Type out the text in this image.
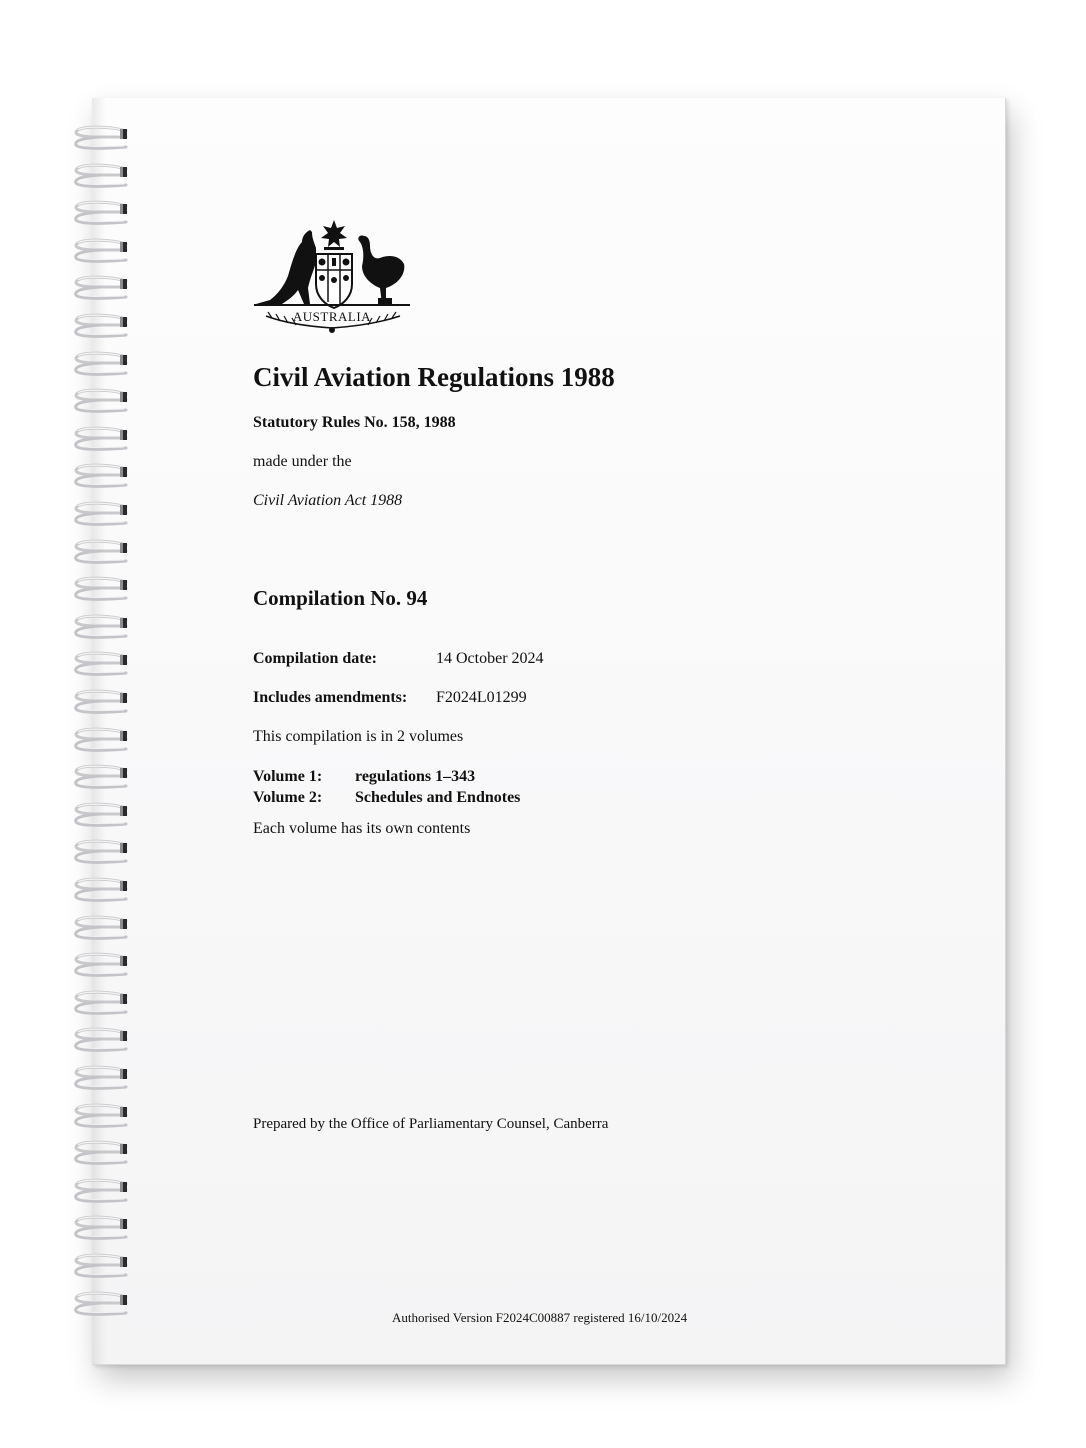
AUSTRALIA
Civil Aviation Regulations 1988
Statutory Rules No. 158, 1988
made under the
Civil Aviation Act 1988
Compilation No. 94
Compilation date:	14 October 2024
Includes amendments: F2024L01299
This compilation is in 2 volumes
Volume 1: regulations 1–343
Volume 2: Schedules and Endnotes
Each volume has its own contents
Prepared by the Office of Parliamentary Counsel, Canberra
Authorised Version F2024C00887 registered 16/10/2024
